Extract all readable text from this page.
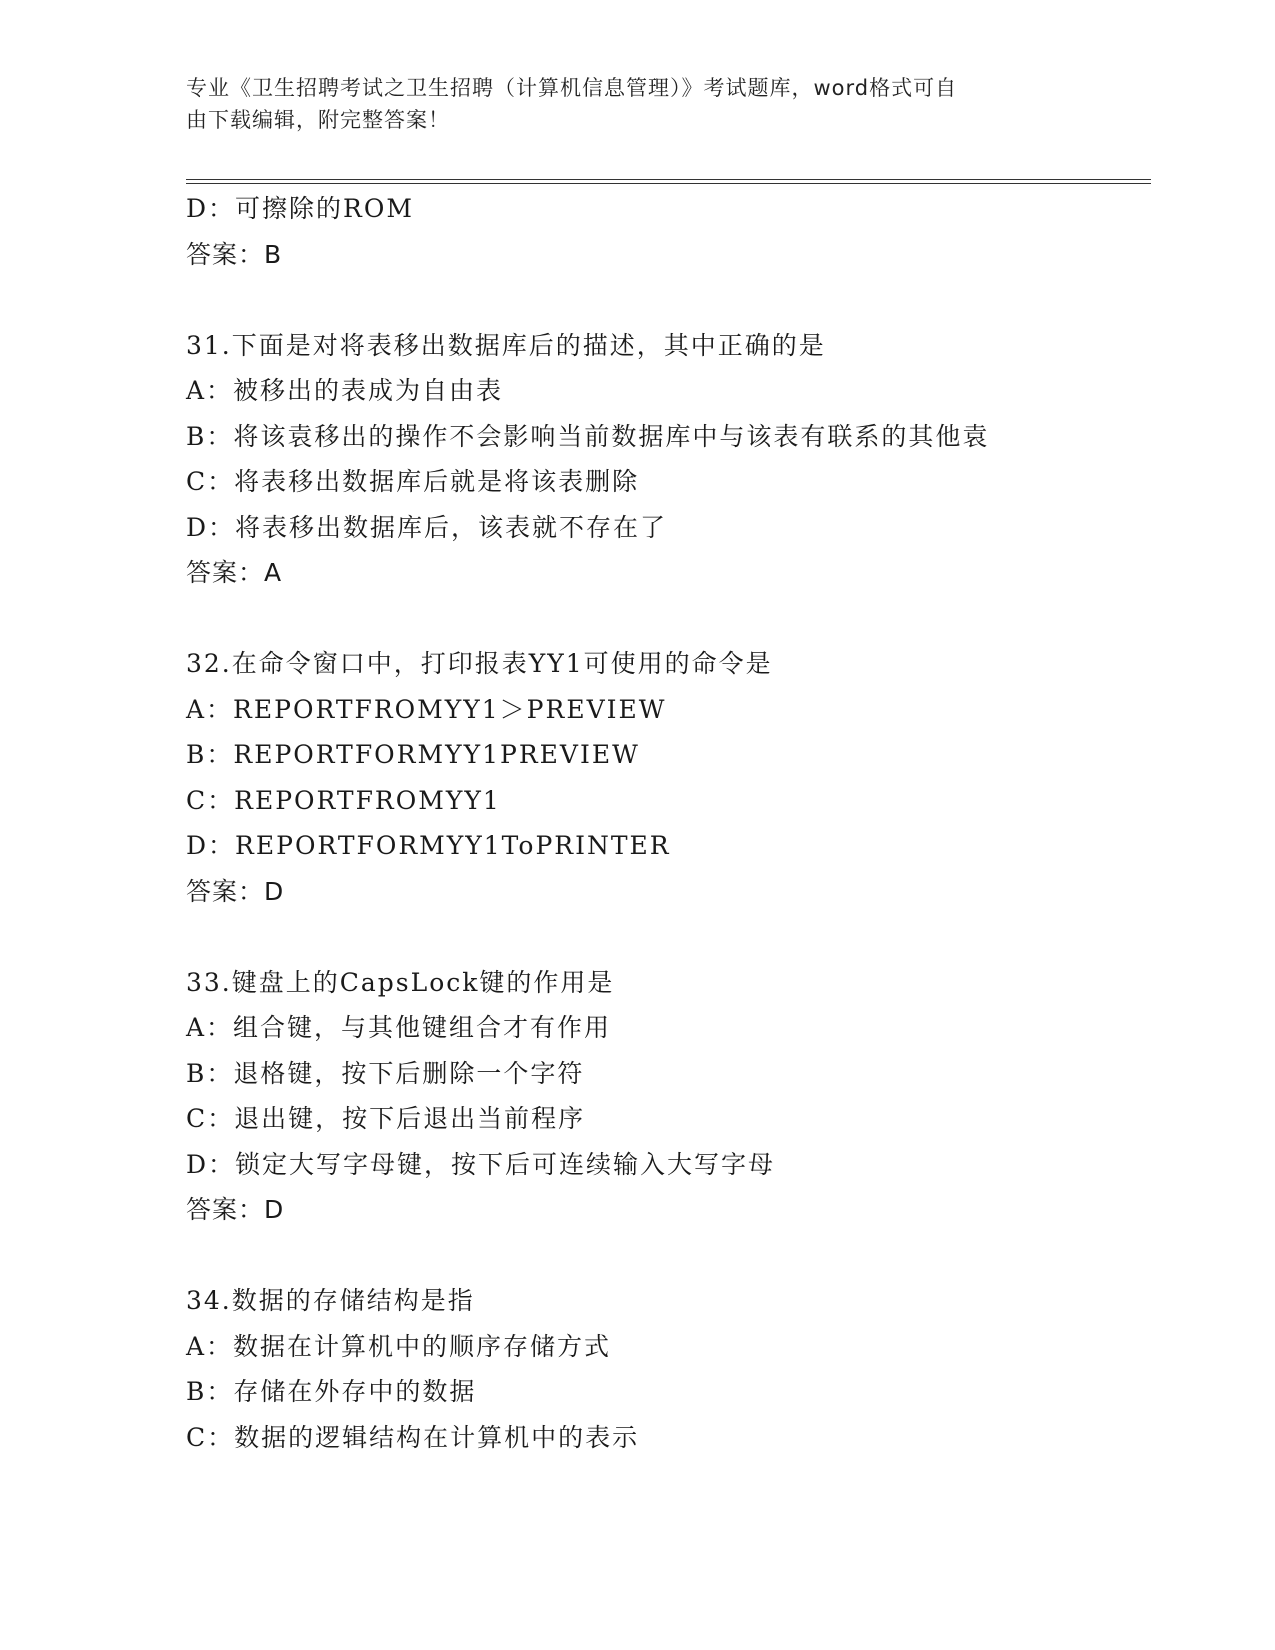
专业《卫生招聘考试之卫生招聘（计算机信息管理）》考试题库，word格式可自
由下载编辑，附完整答案！
D：可擦除的ROM
答案：B
31.下面是对将表移出数据库后的描述，其中正确的是
A：被移出的表成为自由表
B：将该袁移出的操作不会影响当前数据库中与该表有联系的其他袁
C：将表移出数据库后就是将该表删除
D：将表移出数据库后，该表就不存在了
答案：A
32.在命令窗口中，打印报表YY1可使用的命令是
A：REPORTFROMYY1＞PREVIEW
B：REPORTFORMYY1PREVIEW
C：REPORTFROMYY1
D：REPORTFORMYY1ToPRINTER
答案：D
33.键盘上的CapsLock键的作用是
A：组合键，与其他键组合才有作用
B：退格键，按下后删除一个字符
C：退出键，按下后退出当前程序
D：锁定大写字母键，按下后可连续输入大写字母
答案：D
34.数据的存储结构是指
A：数据在计算机中的顺序存储方式
B：存储在外存中的数据
C：数据的逻辑结构在计算机中的表示
